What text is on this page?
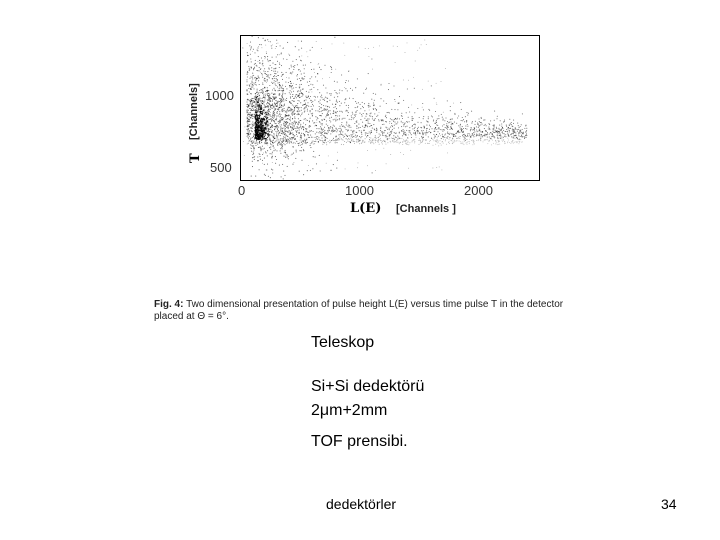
T
[Channels] 1000
500
0	1000	2000
L(E) [Channels ]
Fig. 4: Two dimensional presentation of pulse height L(E) versus time pulse T in the detector placed at Θ = 6°.
Teleskop
Si+Si dedektörü
2μm+2mm
TOF prensibi.
dedektörler	34
